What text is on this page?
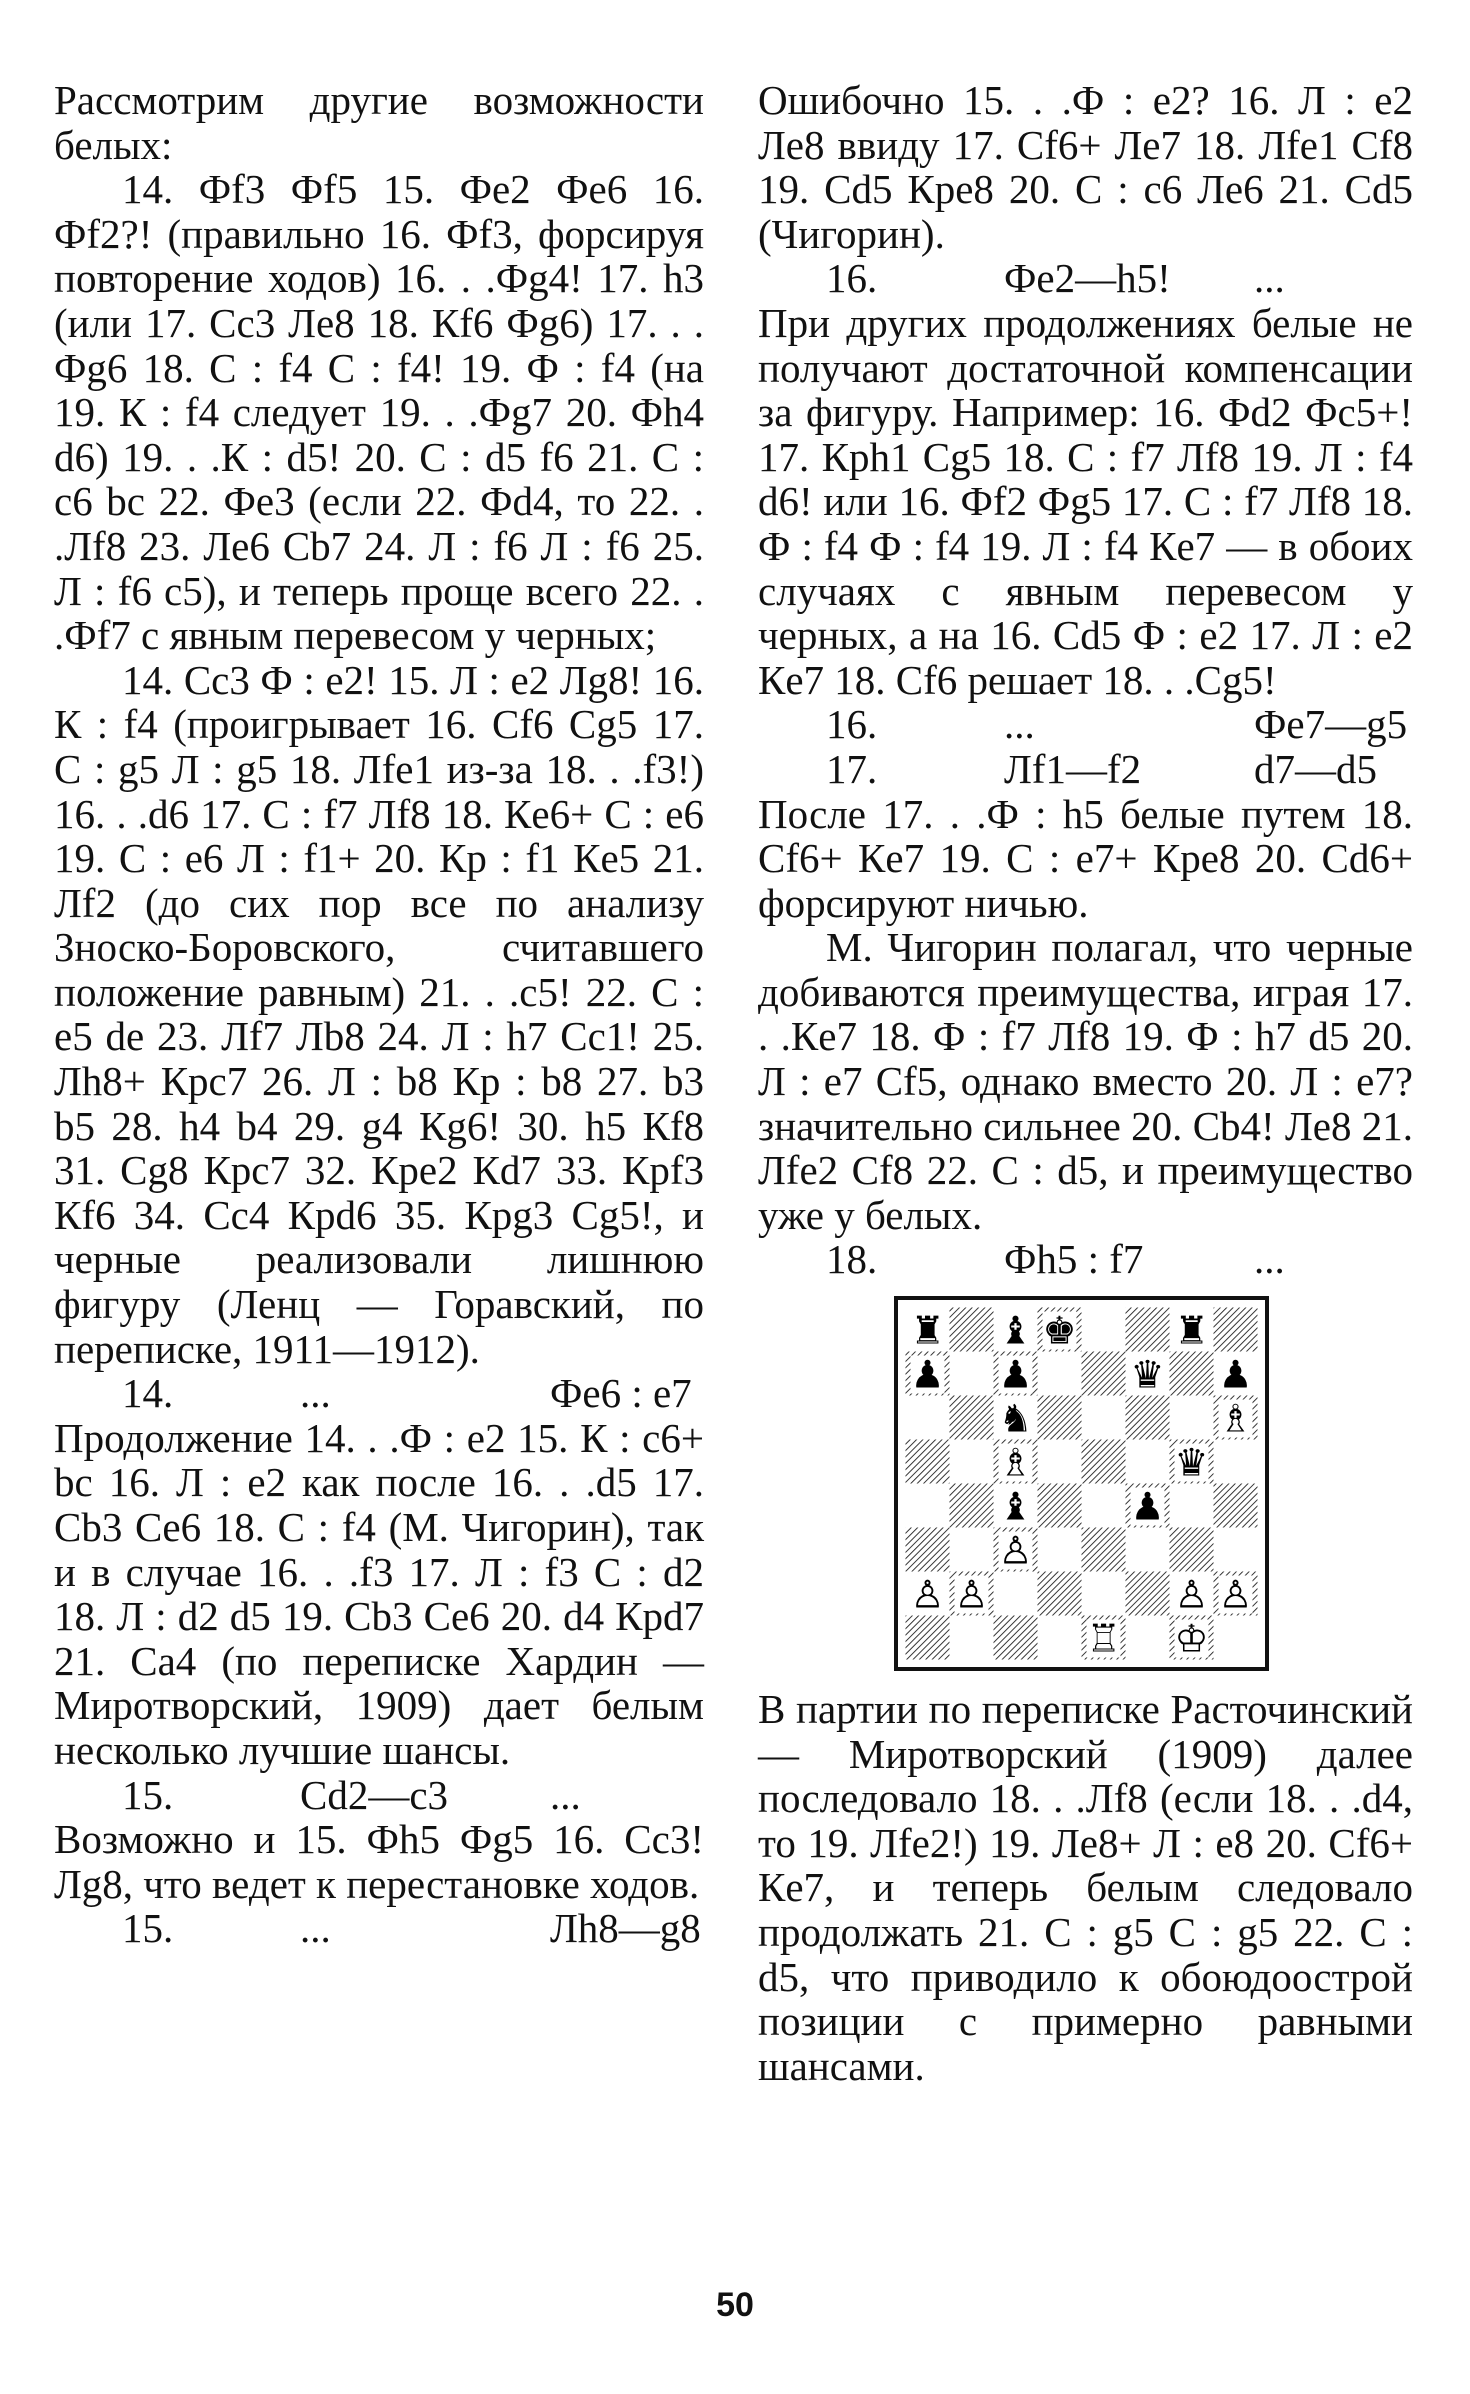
Рассмотрим другие возможности белых:

14. Фf3 Фf5 15. Фe2 Фe6 16. Фf2?! (правильно 16. Фf3, форсируя повторение ходов) 16. . .Фg4! 17. h3 (или 17. Сc3 Лe8 18. Кf6 Фg6) 17. . . Фg6 18. С : f4 С : f4! 19. Ф : f4 (на 19. К : f4 следует 19. . .Фg7 20. Фh4 d6) 19. . .К : d5! 20. С : d5 f6 21. С : c6 bc 22. Фe3 (если 22. Фd4, то 22. . .Лf8 23. Лe6 Сb7 24. Л : f6 Л : f6 25. Л : f6 c5), и теперь проще всего 22. . .Фf7 с явным перевесом у черных;

14. Сc3 Ф : e2! 15. Л : e2 Лg8! 16. К : f4 (проигрывает 16. Сf6 Сg5 17. С : g5 Л : g5 18. Лfe1 из-за 18. . .f3!) 16. . .d6 17. С : f7 Лf8 18. Кe6+ С : e6 19. С : e6 Л : f1+ 20. Кр : f1 Кe5 21. Лf2 (до сих пор все по анализу Зноско-Боровского, считавшего положение равным) 21. . .c5! 22. С : e5 de 23. Лf7 Лb8 24. Л : h7 Сc1! 25. Лh8+ Крc7 26. Л : b8 Кр : b8 27. b3 b5 28. h4 b4 29. g4 Кg6! 30. h5 Кf8 31. Сg8 Крc7 32. Крe2 Кd7 33. Крf3 Кf6 34. Сc4 Крd6 35. Крg3 Сg5!, и черные реализовали лишнюю фигуру (Ленц — Горавский, по переписке, 1911—1912).

14.	...	Фe6 : e7

Продолжение 14. . .Ф : e2 15. К : c6+ bc 16. Л : e2 как после 16. . .d5 17. Сb3 Сe6 18. С : f4 (М. Чигорин), так и в случае 16. . .f3 17. Л : f3 С : d2 18. Л : d2 d5 19. Сb3 Сe6 20. d4 Крd7 21. Сa4 (по переписке Хардин — Миротворский, 1909) дает белым несколько лучшие шансы.

15.	Сd2—c3	...

Возможно и 15. Фh5 Фg5 16. Сc3! Лg8, что ведет к перестановке ходов.

15.	...	Лh8—g8

Ошибочно 15. . .Ф : e2? 16. Л : e2 Лe8 ввиду 17. Сf6+ Лe7 18. Лfe1 Сf8 19. Сd5 Крe8 20. С : c6 Лe6 21. Сd5 (Чигорин).

16.	Фe2—h5!	...

При других продолжениях белые не получают достаточной компенсации за фигуру. Например: 16. Фd2 Фc5+! 17. Крh1 Сg5 18. С : f7 Лf8 19. Л : f4 d6! или 16. Фf2 Фg5 17. С : f7 Лf8 18. Ф : f4 Ф : f4 19. Л : f4 Кe7 — в обоих случаях с явным перевесом у черных, а на 16. Сd5 Ф : e2 17. Л : e2 Кe7 18. Сf6 решает 18. . .Сg5!

16.	...	Фe7—g5
17.	Лf1—f2	d7—d5

После 17. . .Ф : h5 белые путем 18. Сf6+ Кe7 19. С : e7+ Крe8 20. Сd6+ форсируют ничью.

М. Чигорин полагал, что черные добиваются преимущества, играя 17. . .Кe7 18. Ф : f7 Лf8 19. Ф : h7 d5 20. Л : e7 Сf5, однако вместо 20. Л : e7? значительно сильнее 20. Сb4! Лe8 21. Лfe2 Сf8 22. С : d5, и преимущество уже у белых.

18.	Фh5 : f7	...
♜ ♝ ♚	♜
♟ ♟	♛ ♟
♞	♗
♗	♛
♝	♟
♙
♙ ♙	♙ ♙
♖ ♔

В партии по переписке Расточинский — Миротворский (1909) далее последовало 18. . .Лf8 (если 18. . .d4, то 19. Лfe2!) 19. Лe8+ Л : e8 20. Сf6+ Кe7, и теперь белым следовало продолжать 21. С : g5 С : g5 22. С : d5, что приводило к обоюдоострой позиции с примерно равными шансами.

50
